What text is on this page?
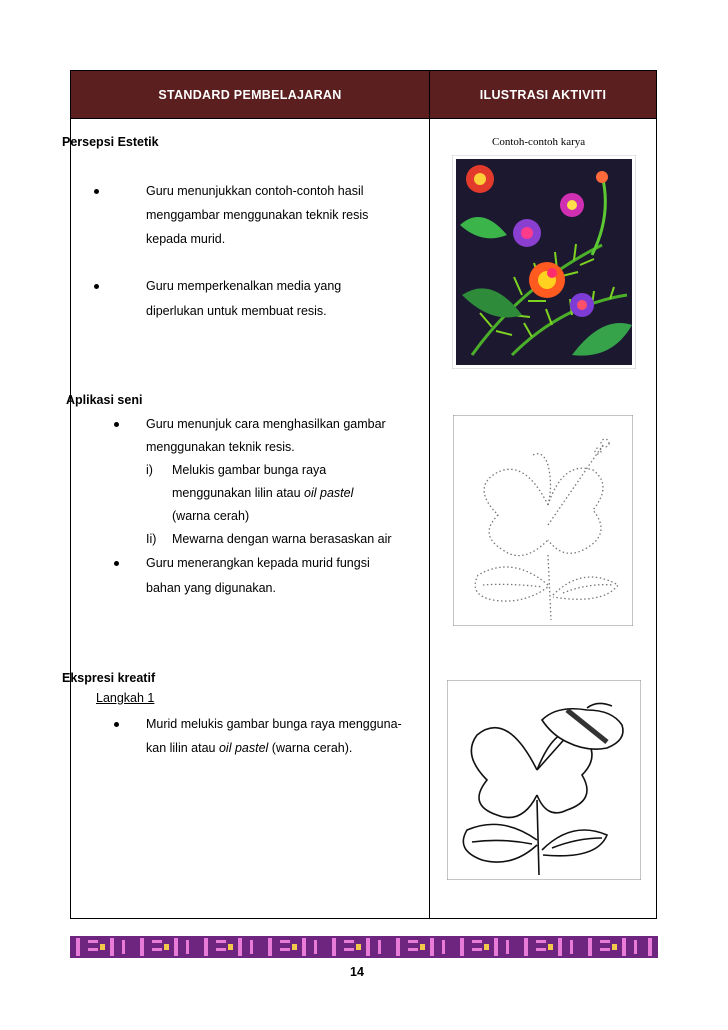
STANDARD PEMBELAJARAN	ILUSTRASI AKTIVITI
Persepsi Estetik
Guru menunjukkan contoh-contoh hasil
menggambar menggunakan teknik resis
kepada murid.
Guru memperkenalkan media yang
diperlukan untuk membuat resis.
Aplikasi seni
Guru menunjuk cara menghasilkan gambar
menggunakan teknik resis.
i) Melukis gambar bunga raya
menggunakan lilin atau oil pastel
(warna cerah)
Ii) Mewarna dengan warna berasaskan air
Guru menerangkan kepada murid fungsi
bahan yang digunakan.
Ekspresi kreatif
Langkah 1
Murid melukis gambar bunga raya mengguna-
kan lilin atau oil pastel (warna cerah).
Contoh-contoh karya
14
